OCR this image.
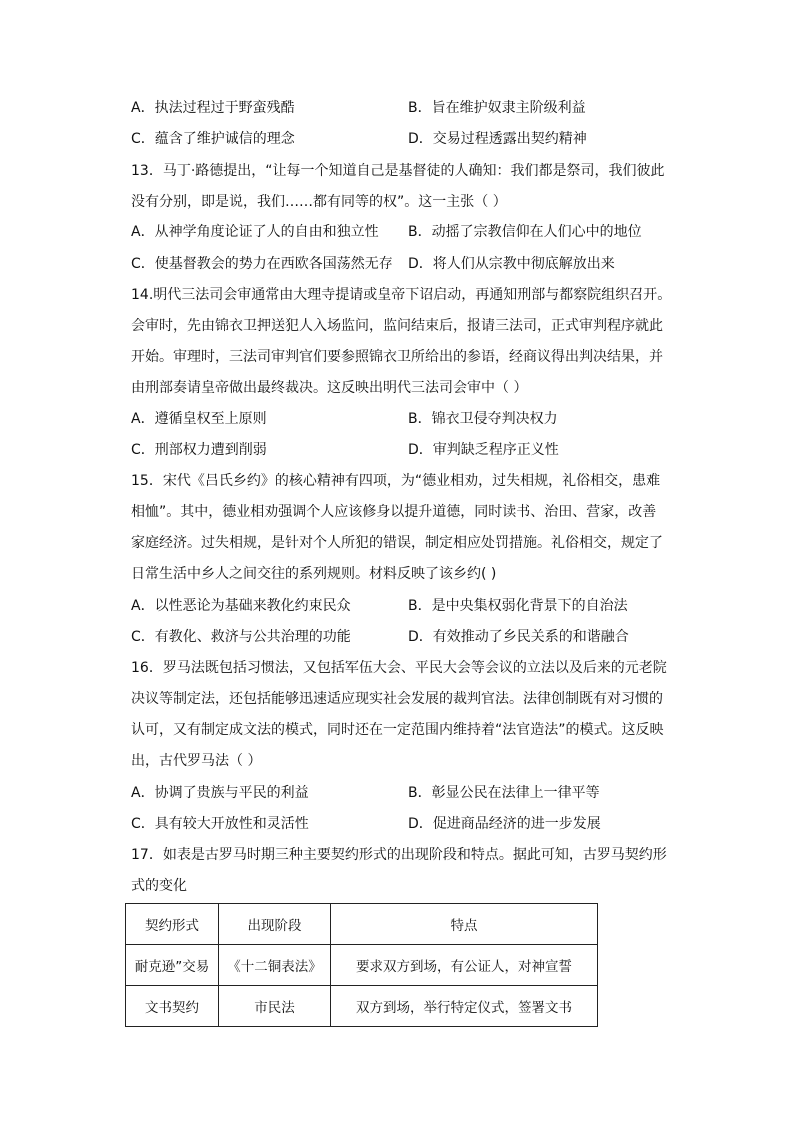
A．执法过程过于野蛮残酷	B．旨在维护奴隶主阶级利益
C．蕴含了维护诚信的理念	D．交易过程透露出契约精神
13．马丁·路德提出，“让每一个知道自己是基督徒的人确知：我们都是祭司，我们彼此
没有分别，即是说，我们……都有同等的权”。这一主张（ ）
A．从神学角度论证了人的自由和独立性 B．动摇了宗教信仰在人们心中的地位
C．使基督教会的势力在西欧各国荡然无存 D．将人们从宗教中彻底解放出来
14.明代三法司会审通常由大理寺提请或皇帝下诏启动，再通知刑部与都察院组织召开。
会审时，先由锦衣卫押送犯人入场监问，监问结束后，报请三法司，正式审判程序就此
开始。审理时，三法司审判官们要参照锦衣卫所给出的参语，经商议得出判决结果，并
由刑部奏请皇帝做出最终裁决。这反映出明代三法司会审中（ ）
A．遵循皇权至上原则	B．锦衣卫侵夺判决权力
C．刑部权力遭到削弱	D．审判缺乏程序正义性
15．宋代《吕氏乡约》的核心精神有四项，为“德业相劝，过失相规，礼俗相交，患难
相恤”。其中，德业相劝强调个人应该修身以提升道德，同时读书、治田、营家，改善
家庭经济。过失相规，是针对个人所犯的错误，制定相应处罚措施。礼俗相交，规定了
日常生活中乡人之间交往的系列规则。材料反映了该乡约( )
A．以性恶论为基础来教化约束民众	B．是中央集权弱化背景下的自治法
C．有教化、救济与公共治理的功能	D．有效推动了乡民关系的和谐融合
16．罗马法既包括习惯法，又包括军伍大会、平民大会等会议的立法以及后来的元老院
决议等制定法，还包括能够迅速适应现实社会发展的裁判官法。法律创制既有对习惯的
认可，又有制定成文法的模式，同时还在一定范围内维持着“法官造法”的模式。这反映
出，古代罗马法（ ）
A．协调了贵族与平民的利益	B．彰显公民在法律上一律平等
C．具有较大开放性和灵活性	D．促进商品经济的进一步发展
17．如表是古罗马时期三种主要契约形式的出现阶段和特点。据此可知，古罗马契约形
式的变化
契约形式	出现阶段	特点
耐克逊”交易	《十二铜表法》	要求双方到场，有公证人，对神宣誓
文书契约	市民法	双方到场，举行特定仪式，签署文书
